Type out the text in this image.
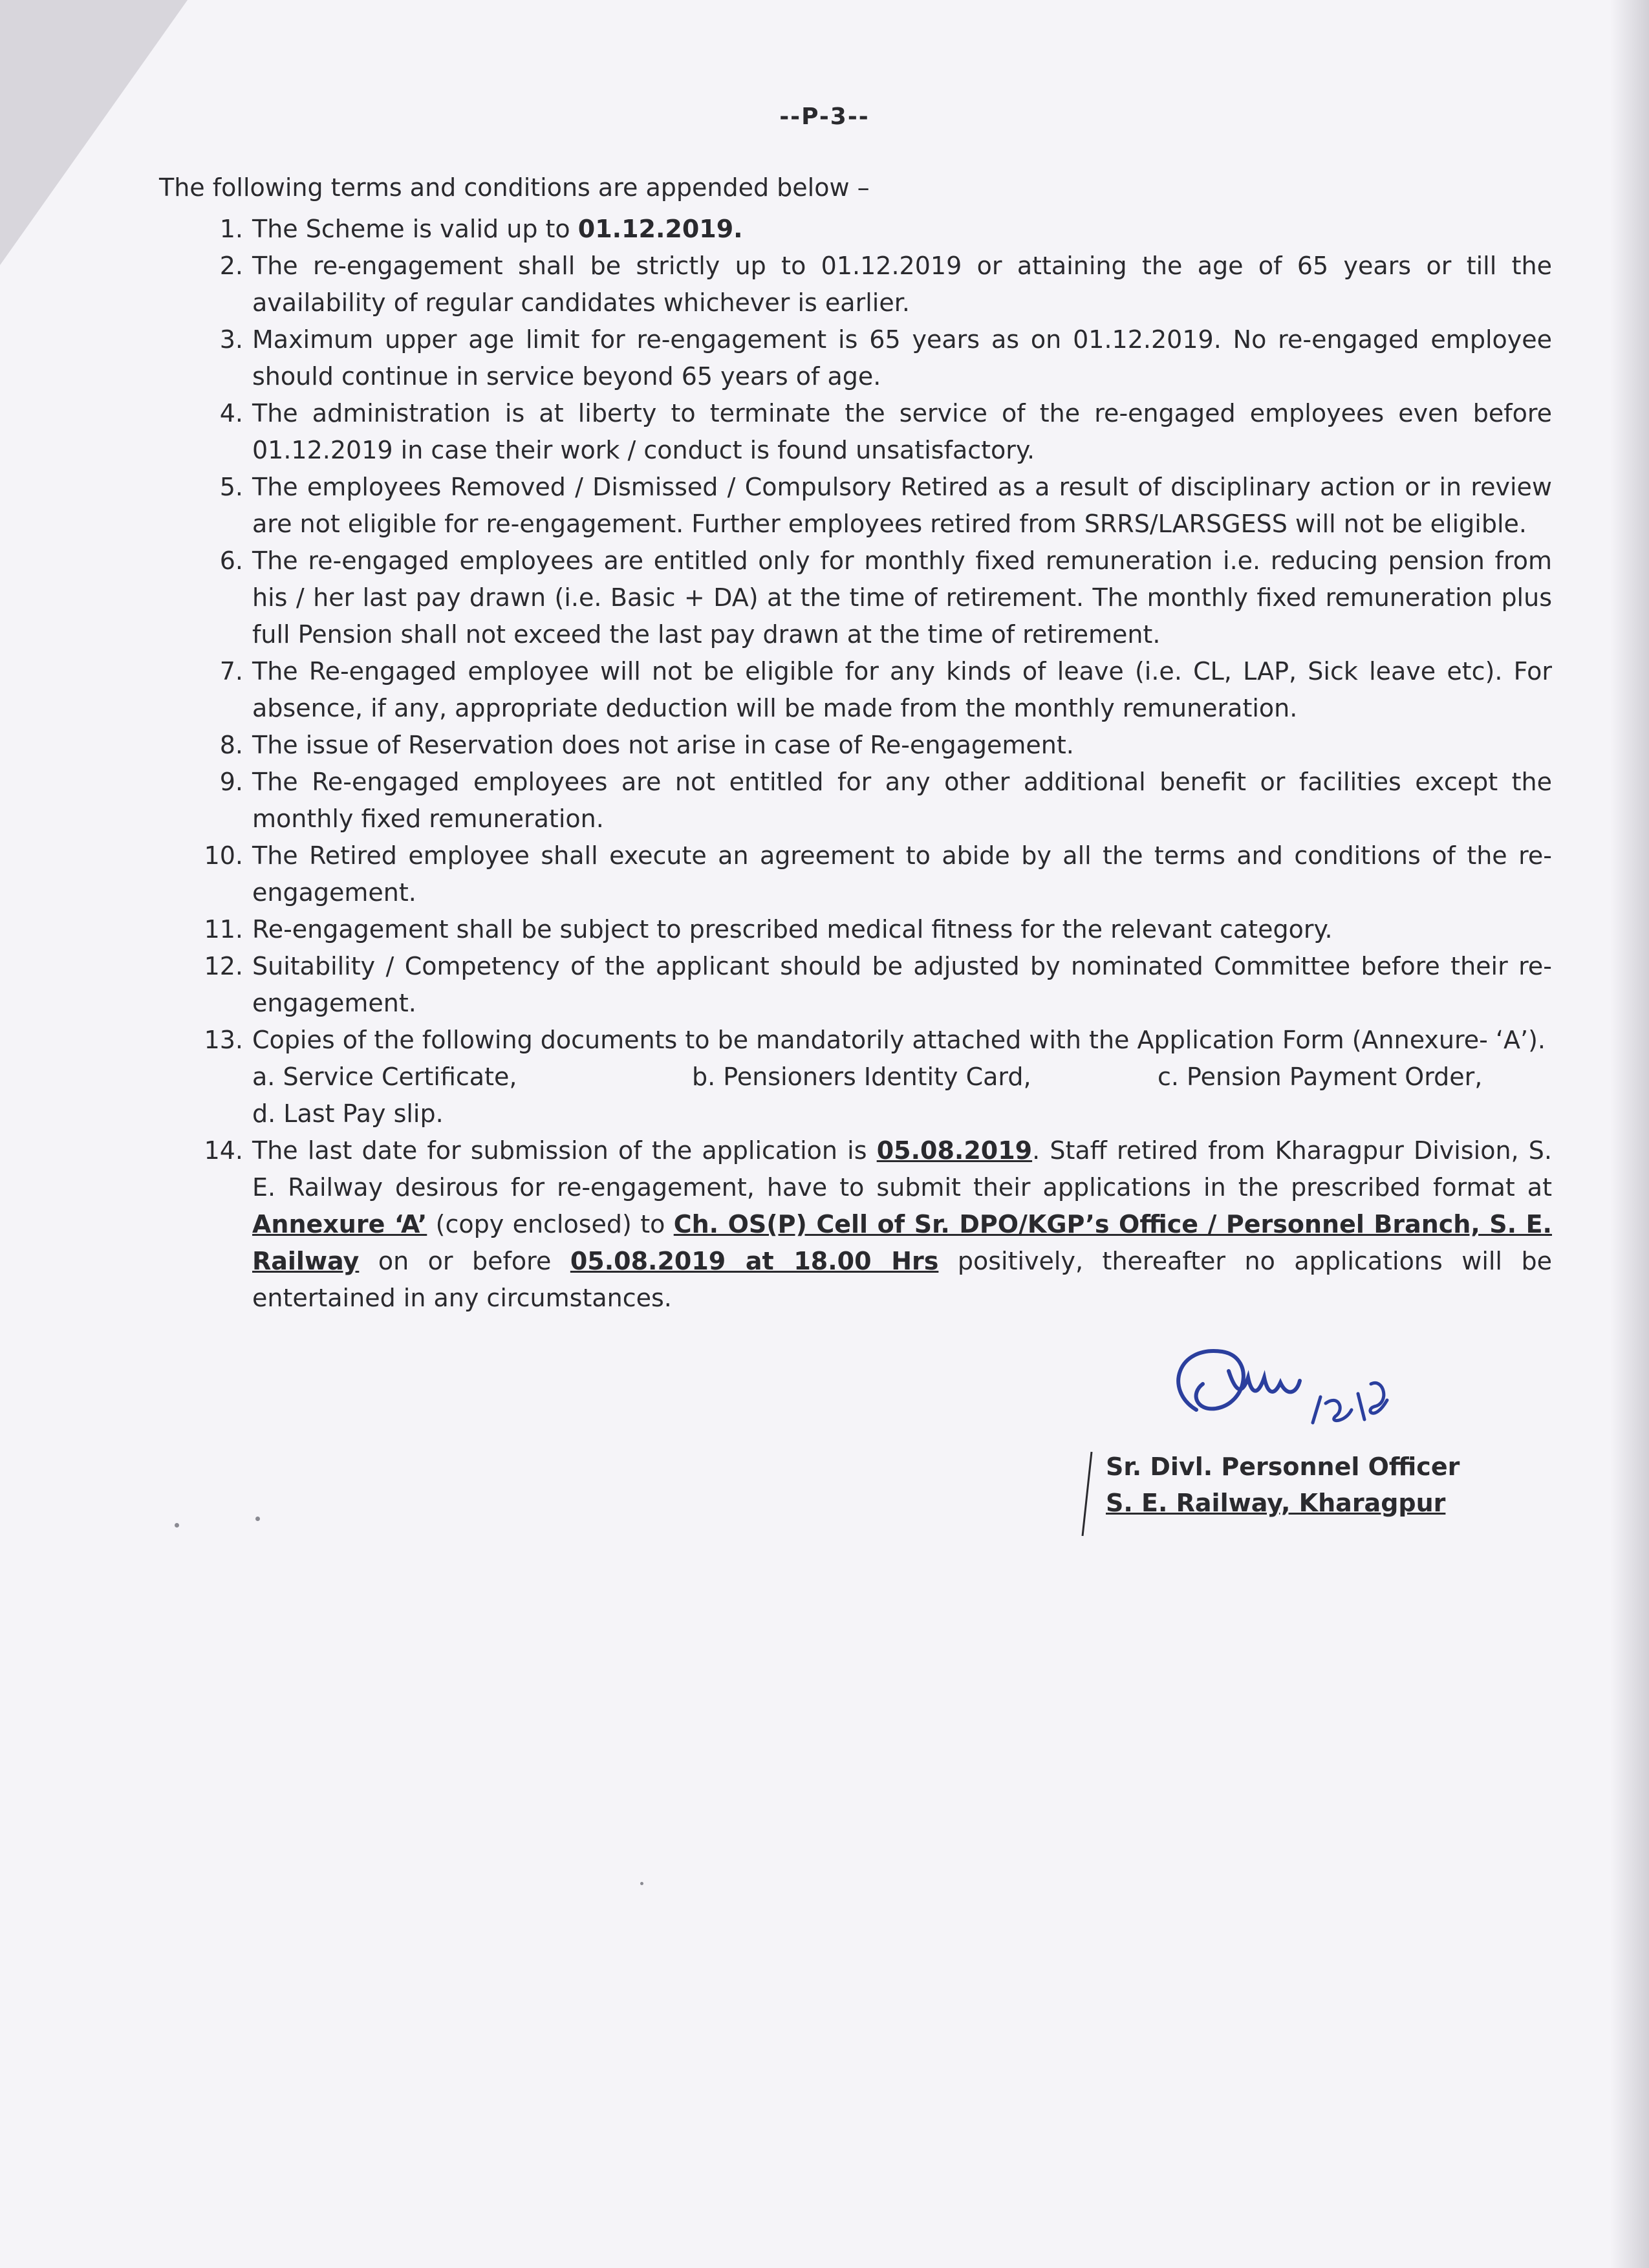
--P-3--
The following terms and conditions are appended below –
1. The Scheme is valid up to 01.12.2019.
2. The re-engagement shall be strictly up to 01.12.2019 or attaining the age of 65 years or till the availability of regular candidates whichever is earlier.
3. Maximum upper age limit for re-engagement is 65 years as on 01.12.2019. No re-engaged employee should continue in service beyond 65 years of age.
4. The administration is at liberty to terminate the service of the re-engaged employees even before 01.12.2019 in case their work / conduct is found unsatisfactory.
5. The employees Removed / Dismissed / Compulsory Retired as a result of disciplinary action or in review are not eligible for re-engagement. Further employees retired from SRRS/LARSGESS will not be eligible.
6. The re-engaged employees are entitled only for monthly fixed remuneration i.e. reducing pension from his / her last pay drawn (i.e. Basic + DA) at the time of retirement. The monthly fixed remuneration plus full Pension shall not exceed the last pay drawn at the time of retirement.
7. The Re-engaged employee will not be eligible for any kinds of leave (i.e. CL, LAP, Sick leave etc). For absence, if any, appropriate deduction will be made from the monthly remuneration.
8. The issue of Reservation does not arise in case of Re-engagement.
9. The Re-engaged employees are not entitled for any other additional benefit or facilities except the monthly fixed remuneration.
10. The Retired employee shall execute an agreement to abide by all the terms and conditions of the re-engagement.
11. Re-engagement shall be subject to prescribed medical fitness for the relevant category.
12. Suitability / Competency of the applicant should be adjusted by nominated Committee before their re-engagement.
13. Copies of the following documents to be mandatorily attached with the Application Form (Annexure- ‘A’).
a. Service Certificate,	b. Pensioners Identity Card,	c. Pension Payment Order,
d. Last Pay slip.
14. The last date for submission of the application is 05.08.2019. Staff retired from Kharagpur Division, S. E. Railway desirous for re-engagement, have to submit their applications in the prescribed format at Annexure ‘A’ (copy enclosed) to Ch. OS(P) Cell of Sr. DPO/KGP’s Office / Personnel Branch, S. E. Railway on or before 05.08.2019 at 18.00 Hrs positively, thereafter no applications will be entertained in any circumstances.
Sr. Divl. Personnel Officer
S. E. Railway, Kharagpur
